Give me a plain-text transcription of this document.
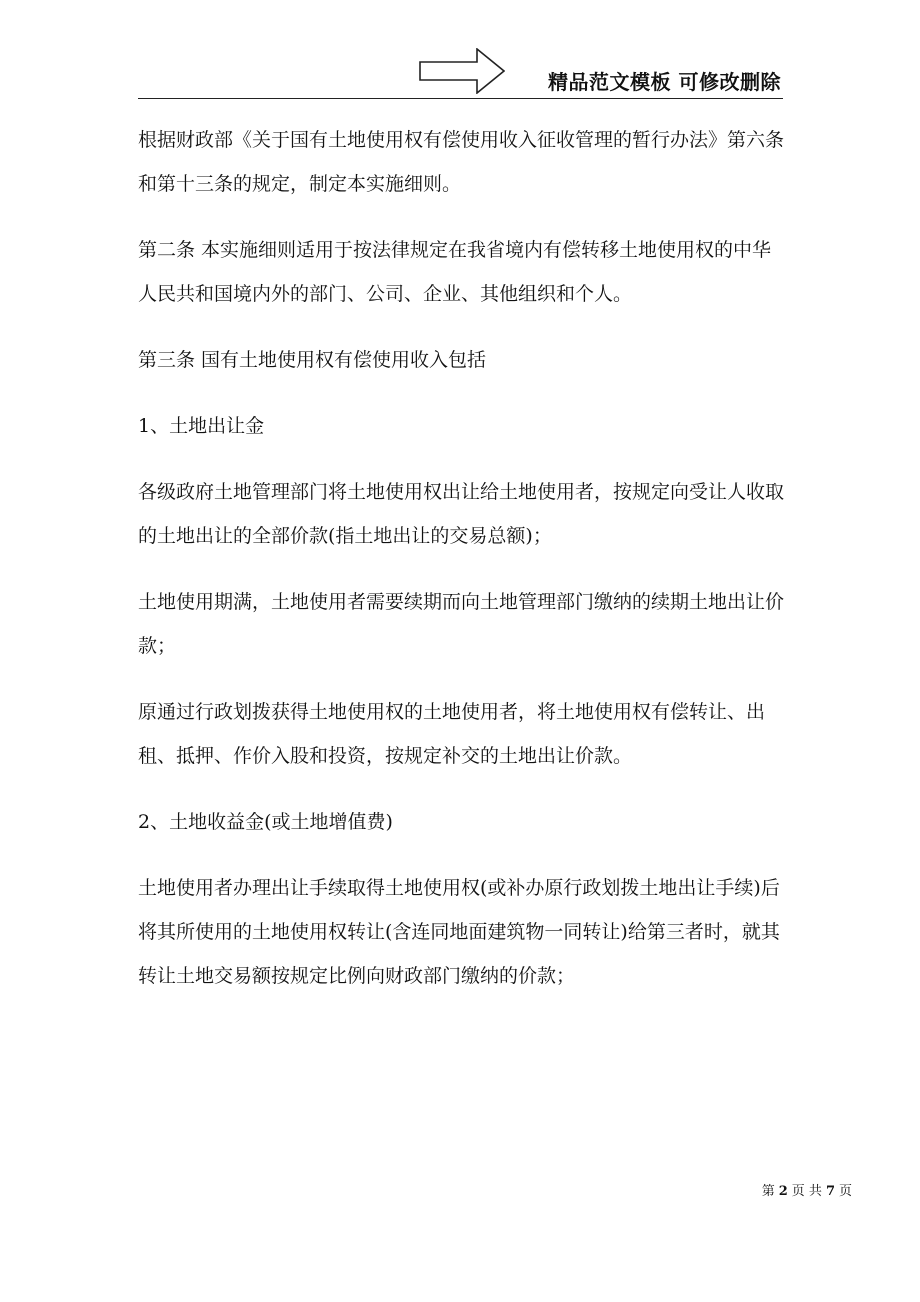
精品范文模板 可修改删除

根据财政部《关于国有土地使用权有偿使用收入征收管理的暂行办法》第六条和第十三条的规定，制定本实施细则。

第二条 本实施细则适用于按法律规定在我省境内有偿转移土地使用权的中华人民共和国境内外的部门、公司、企业、其他组织和个人。

第三条 国有土地使用权有偿使用收入包括

1、土地出让金

各级政府土地管理部门将土地使用权出让给土地使用者，按规定向受让人收取的土地出让的全部价款(指土地出让的交易总额)；

土地使用期满，土地使用者需要续期而向土地管理部门缴纳的续期土地出让价款；

原通过行政划拨获得土地使用权的土地使用者，将土地使用权有偿转让、出租、抵押、作价入股和投资，按规定补交的土地出让价款。

2、土地收益金(或土地增值费)

土地使用者办理出让手续取得土地使用权(或补办原行政划拨土地出让手续)后将其所使用的土地使用权转让(含连同地面建筑物一同转让)给第三者时，就其转让土地交易额按规定比例向财政部门缴纳的价款；

第 2 页 共 7 页
